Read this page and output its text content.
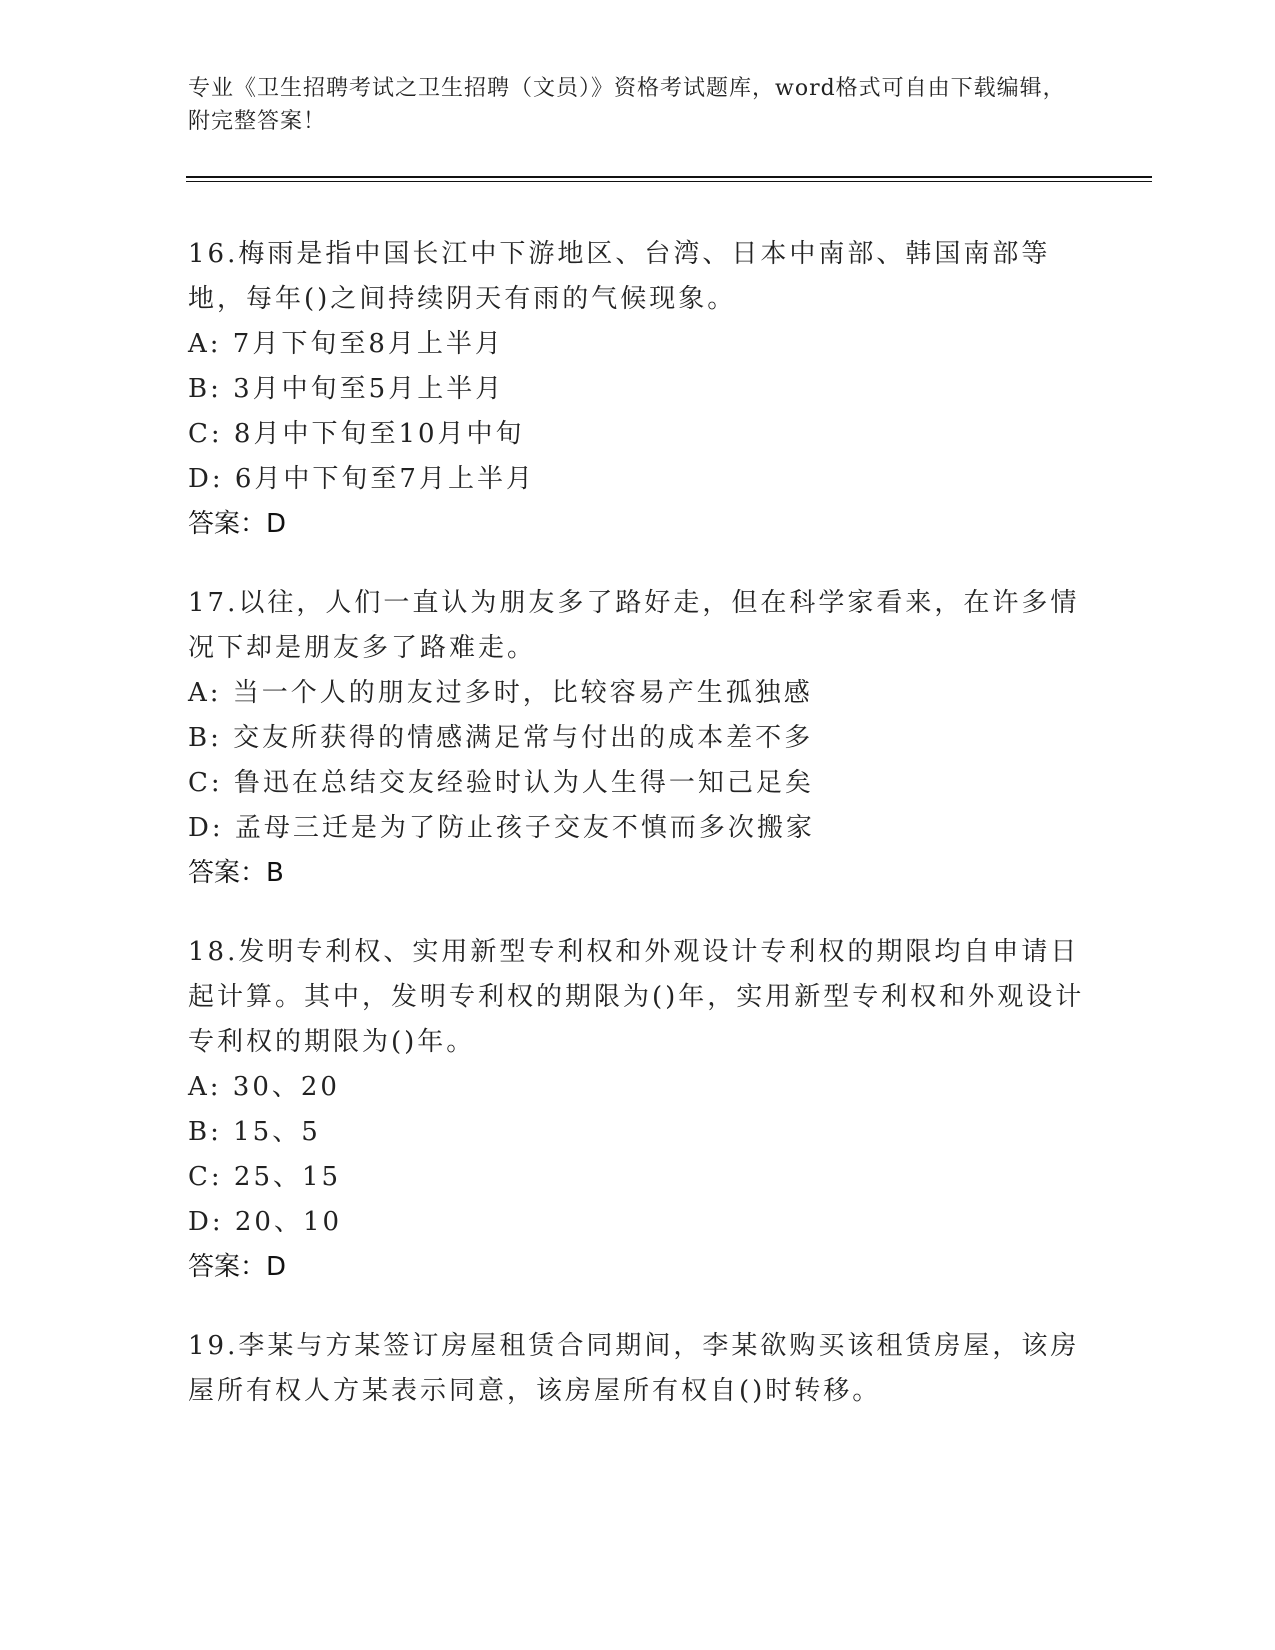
专业《卫生招聘考试之卫生招聘（文员）》资格考试题库，word格式可自由下载编辑，附完整答案！

16.梅雨是指中国长江中下游地区、台湾、日本中南部、韩国南部等地，每年()之间持续阴天有雨的气候现象。

A: 7月下旬至8月上半月

B: 3月中旬至5月上半月

C: 8月中下旬至10月中旬

D: 6月中下旬至7月上半月

答案：D

17.以往，人们一直认为朋友多了路好走，但在科学家看来，在许多情况下却是朋友多了路难走。

A: 当一个人的朋友过多时，比较容易产生孤独感

B: 交友所获得的情感满足常与付出的成本差不多

C: 鲁迅在总结交友经验时认为人生得一知己足矣

D: 孟母三迁是为了防止孩子交友不慎而多次搬家

答案：B

18.发明专利权、实用新型专利权和外观设计专利权的期限均自申请日起计算。其中，发明专利权的期限为()年，实用新型专利权和外观设计专利权的期限为()年。

A: 30、20

B: 15、5

C: 25、15

D: 20、10

答案：D

19.李某与方某签订房屋租赁合同期间，李某欲购买该租赁房屋，该房屋所有权人方某表示同意，该房屋所有权自()时转移。
